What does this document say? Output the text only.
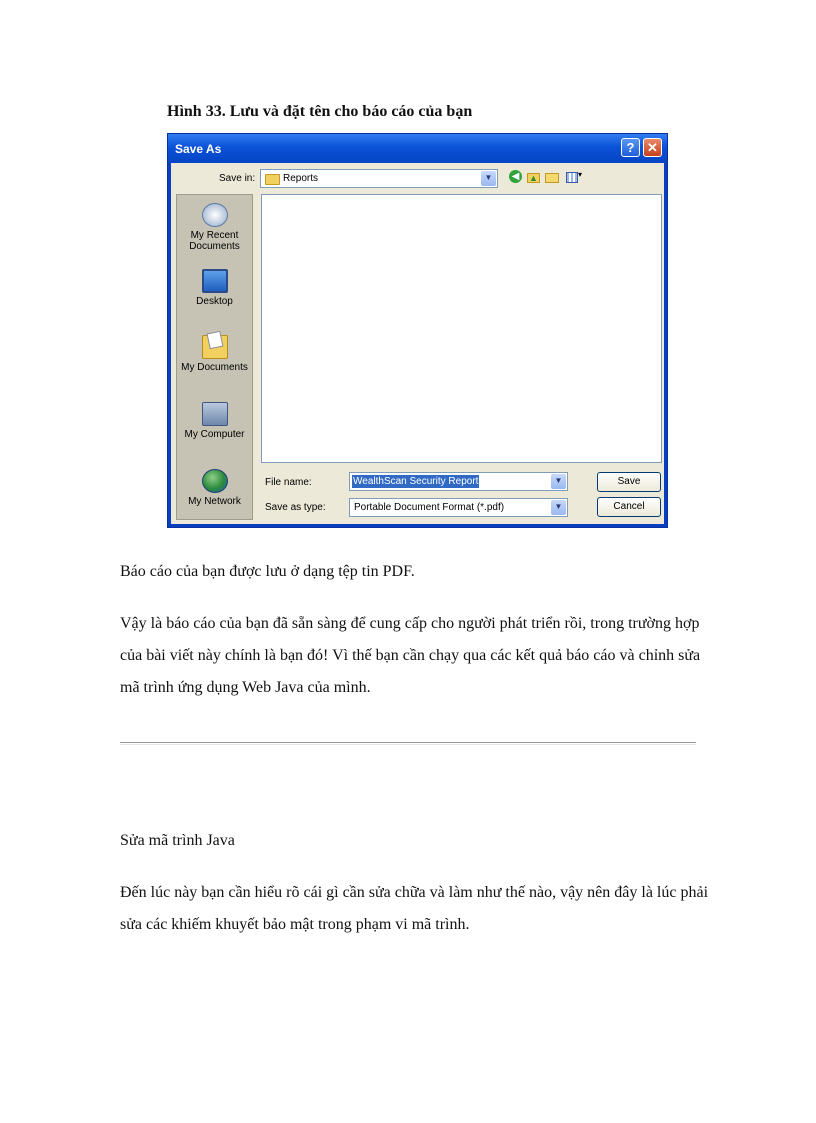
Hình 33. Lưu và đặt tên cho báo cáo của bạn

Save As	? ✕
Save in:	Reports	▼	◀ ▲	▾
My Recent
Documents
Desktop
My Documents
My Computer
My Network
File name:	WealthScan Security Report	▼
Save as type:	Portable Document Format (*.pdf)	▼
Save
Cancel

Báo cáo của bạn được lưu ở dạng tệp tin PDF.

Vậy là báo cáo của bạn đã sẵn sàng để cung cấp cho người phát triển rồi, trong trường hợp của bài viết này chính là bạn đó! Vì thế bạn cần chạy qua các kết quả báo cáo và chỉnh sửa mã trình ứng dụng Web Java của mình.

Sửa mã trình Java

Đến lúc này bạn cần hiểu rõ cái gì cần sửa chữa và làm như thế nào, vậy nên đây là lúc phải sửa các khiếm khuyết bảo mật trong phạm vi mã trình.
